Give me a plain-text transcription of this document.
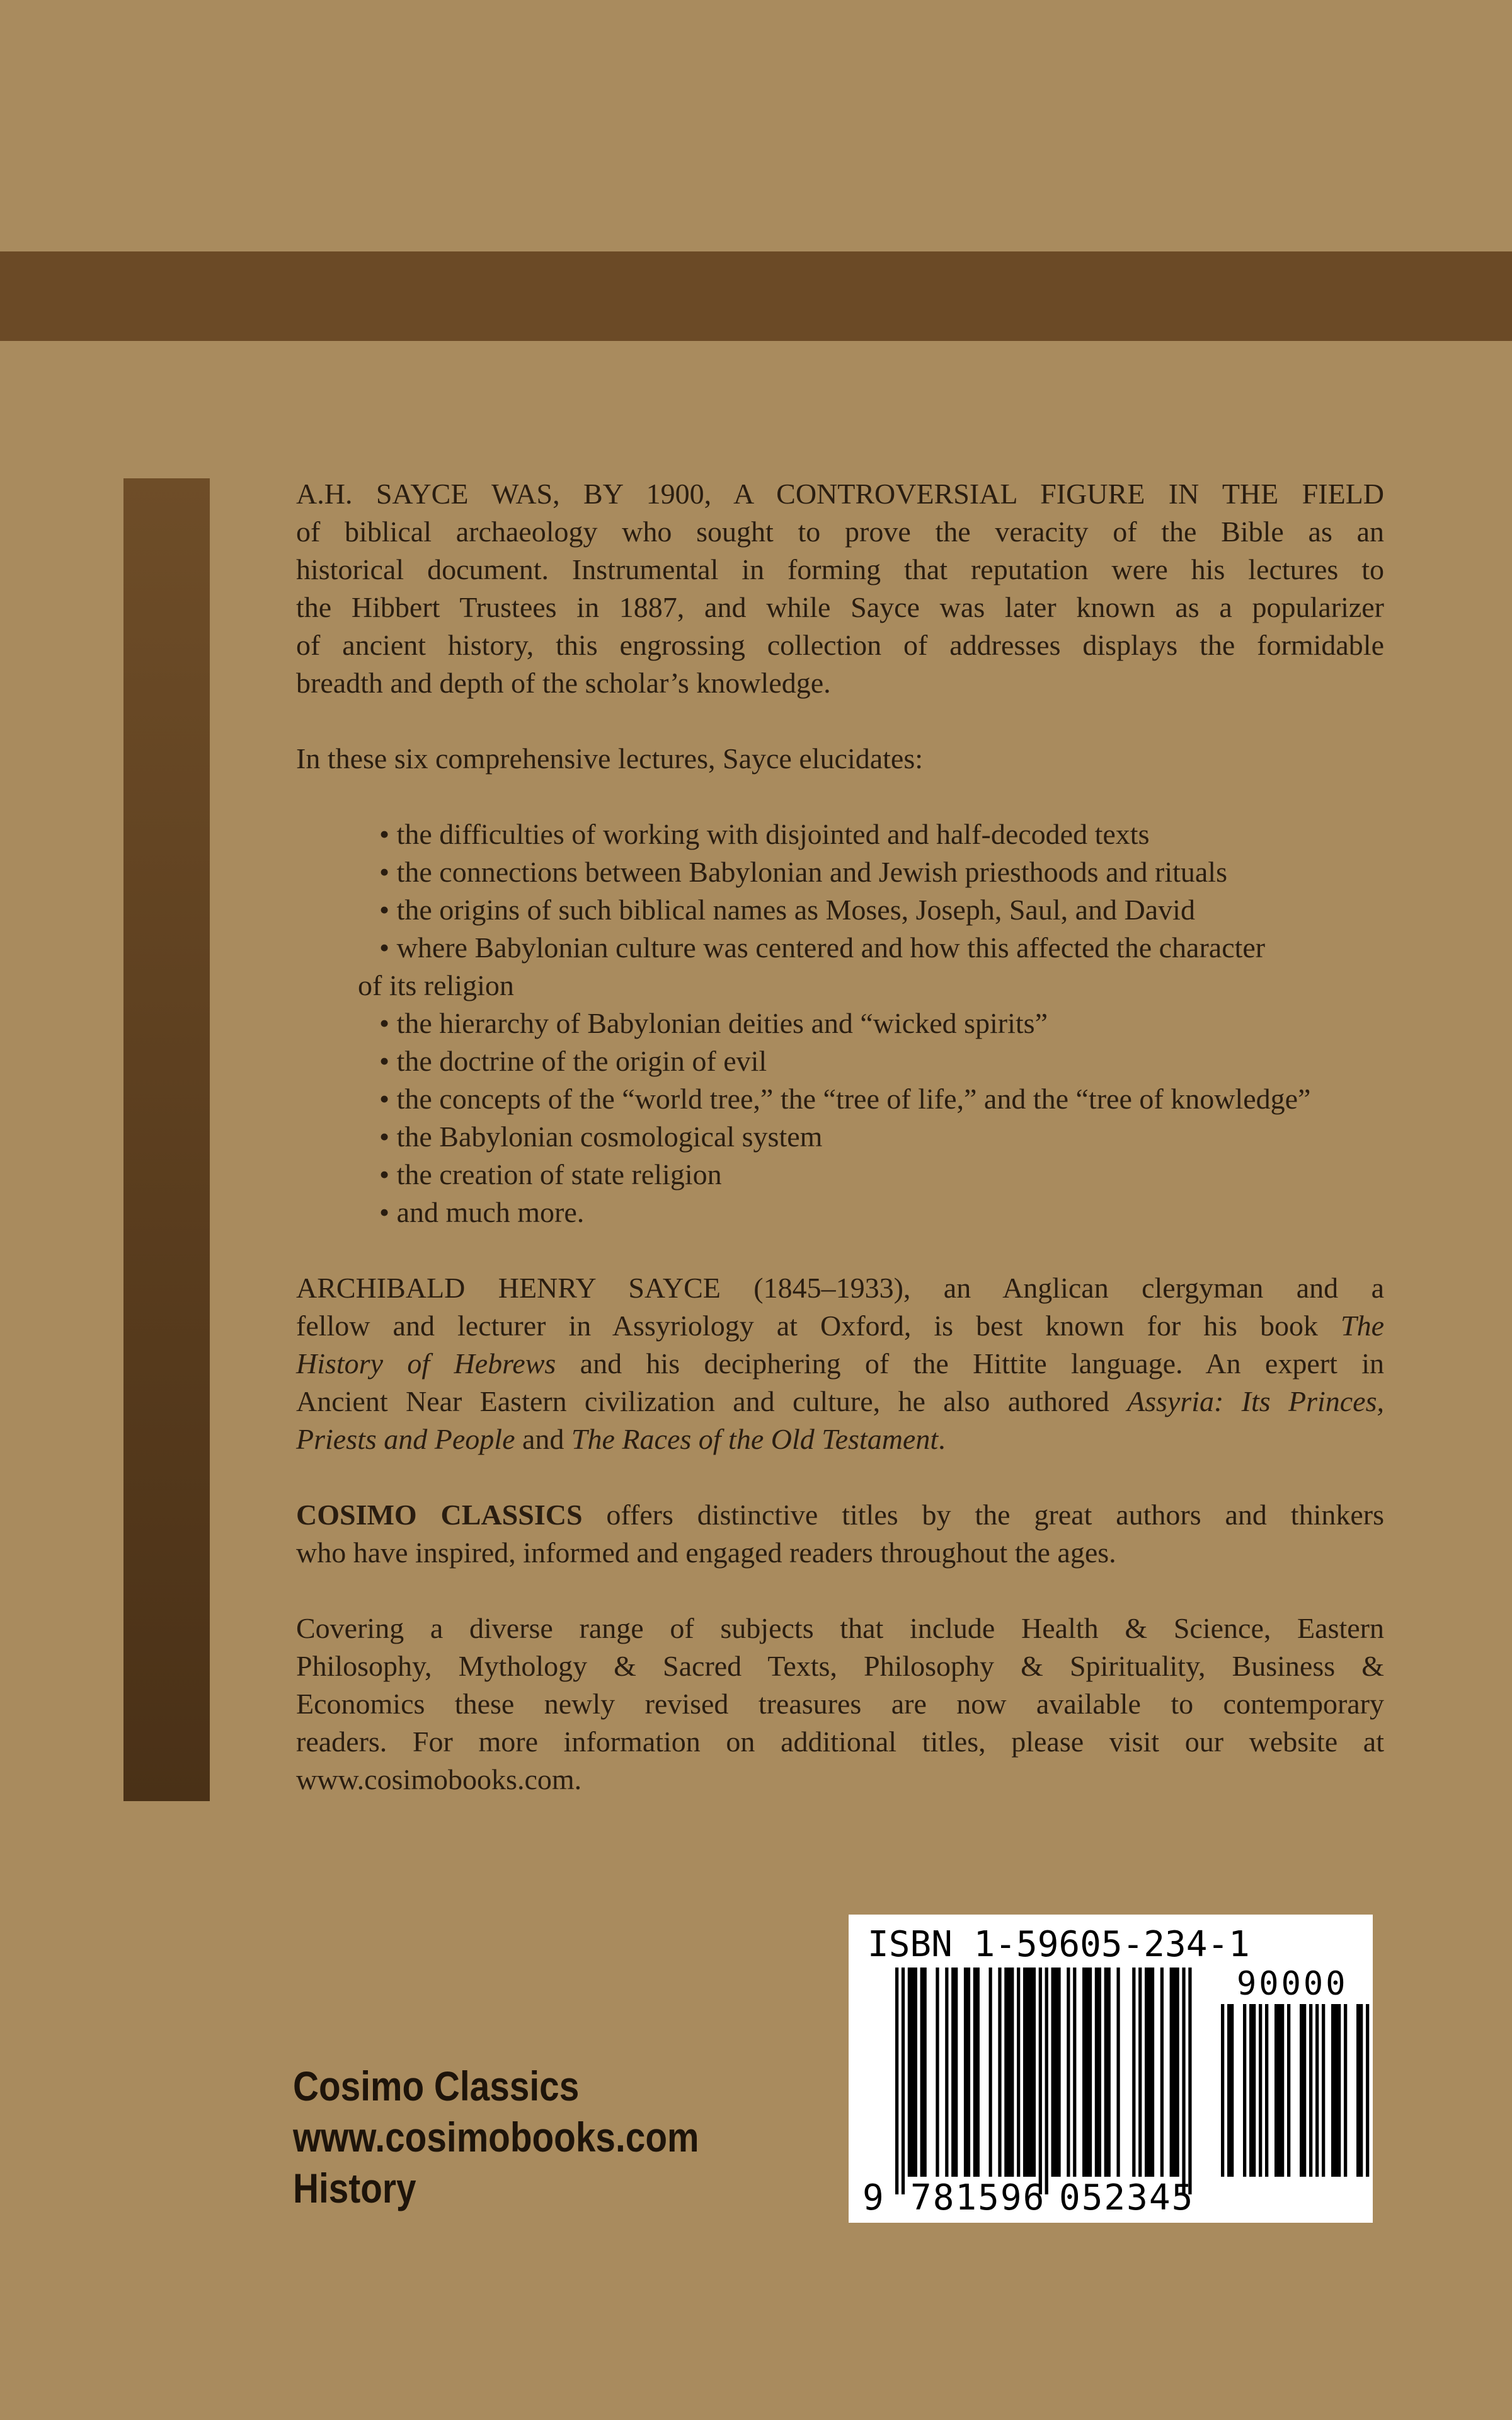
A.H. SAYCE WAS, BY 1900, A CONTROVERSIAL FIGURE IN THE FIELD
of biblical archaeology who sought to prove the veracity of the Bible as an
historical document. Instrumental in forming that reputation were his lectures to
the Hibbert Trustees in 1887, and while Sayce was later known as a popularizer
of ancient history, this engrossing collection of addresses displays the formidable
breadth and depth of the scholar’s knowledge.
In these six comprehensive lectures, Sayce elucidates:
• the difficulties of working with disjointed and half-decoded texts
• the connections between Babylonian and Jewish priesthoods and rituals
• the origins of such biblical names as Moses, Joseph, Saul, and David
• where Babylonian culture was centered and how this affected the character
of its religion
• the hierarchy of Babylonian deities and “wicked spirits”
• the doctrine of the origin of evil
• the concepts of the “world tree,” the “tree of life,” and the “tree of knowledge”
• the Babylonian cosmological system
• the creation of state religion
• and much more.
ARCHIBALD HENRY SAYCE (1845–1933), an Anglican clergyman and a
fellow and lecturer in Assyriology at Oxford, is best known for his book The
History of Hebrews and his deciphering of the Hittite language. An expert in
Ancient Near Eastern civilization and culture, he also authored Assyria: Its Princes,
Priests and People and The Races of the Old Testament.
COSIMO CLASSICS offers distinctive titles by the great authors and thinkers
who have inspired, informed and engaged readers throughout the ages.
Covering a diverse range of subjects that include Health & Science, Eastern
Philosophy, Mythology & Sacred Texts, Philosophy & Spirituality, Business &
Economics these newly revised treasures are now available to contemporary
readers. For more information on additional titles, please visit our website at
www.cosimobooks.com.
Cosimo Classics
www.cosimobooks.com
History
ISBN 1-59605-234-1
90000
9 781596 052345
